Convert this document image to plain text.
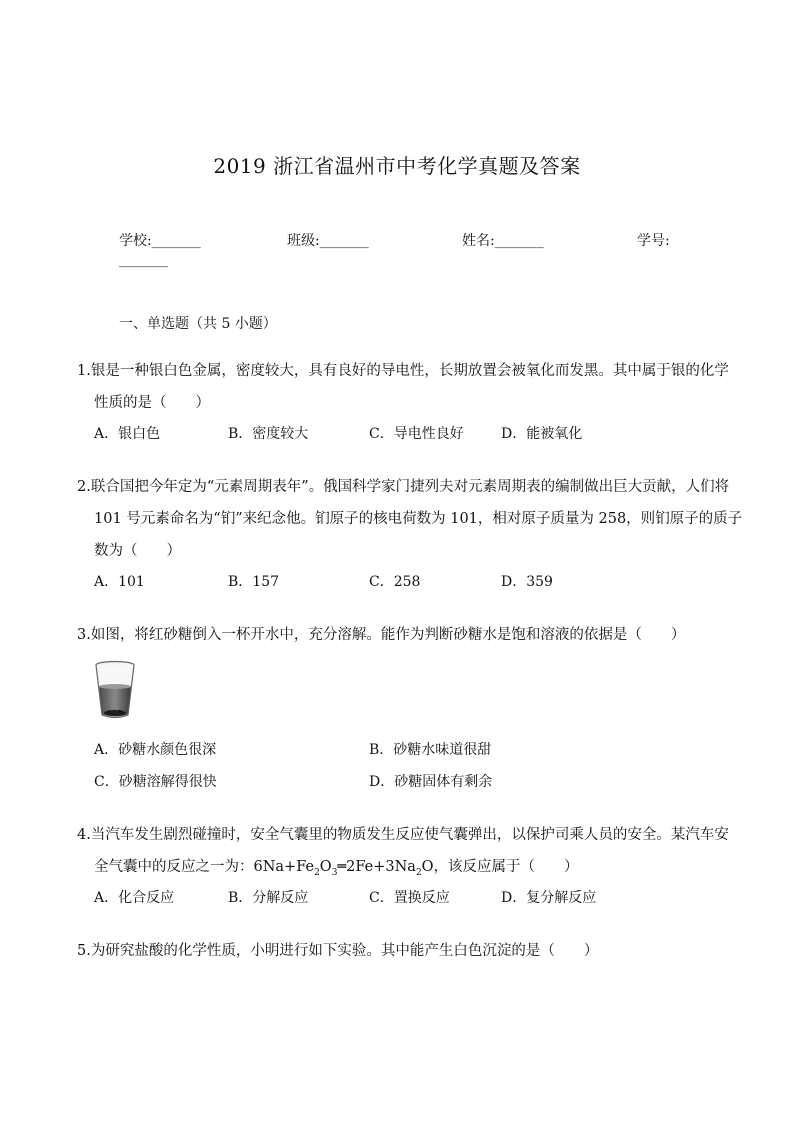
2019 浙江省温州市中考化学真题及答案
学校:_______	班级:_______	姓名:_______	学号:
_______
一、单选题（共 5 小题）
1.银是一种银白色金属，密度较大，具有良好的导电性，长期放置会被氧化而发黑。其中属于银的化学
性质的是（　　）
A．银白色	B．密度较大	C．导电性良好	D．能被氧化
2.联合国把今年定为“元素周期表年”。俄国科学家门捷列夫对元素周期表的编制做出巨大贡献，人们将
101 号元素命名为“钔”来纪念他。钔原子的核电荷数为 101，相对原子质量为 258，则钔原子的质子
数为（　　）
A．101	B．157	C．258	D．359
3.如图，将红砂糖倒入一杯开水中，充分溶解。能作为判断砂糖水是饱和溶液的依据是（　　）
A．砂糖水颜色很深	B．砂糖水味道很甜
C．砂糖溶解得很快	D．砂糖固体有剩余
4.当汽车发生剧烈碰撞时，安全气囊里的物质发生反应使气囊弹出，以保护司乘人员的安全。某汽车安
全气囊中的反应之一为：$6Na+Fe_2O_3═2Fe+3Na_2O$，该反应属于（　　）
A．化合反应	B．分解反应	C．置换反应	D．复分解反应
5.为研究盐酸的化学性质，小明进行如下实验。其中能产生白色沉淀的是（　　）
